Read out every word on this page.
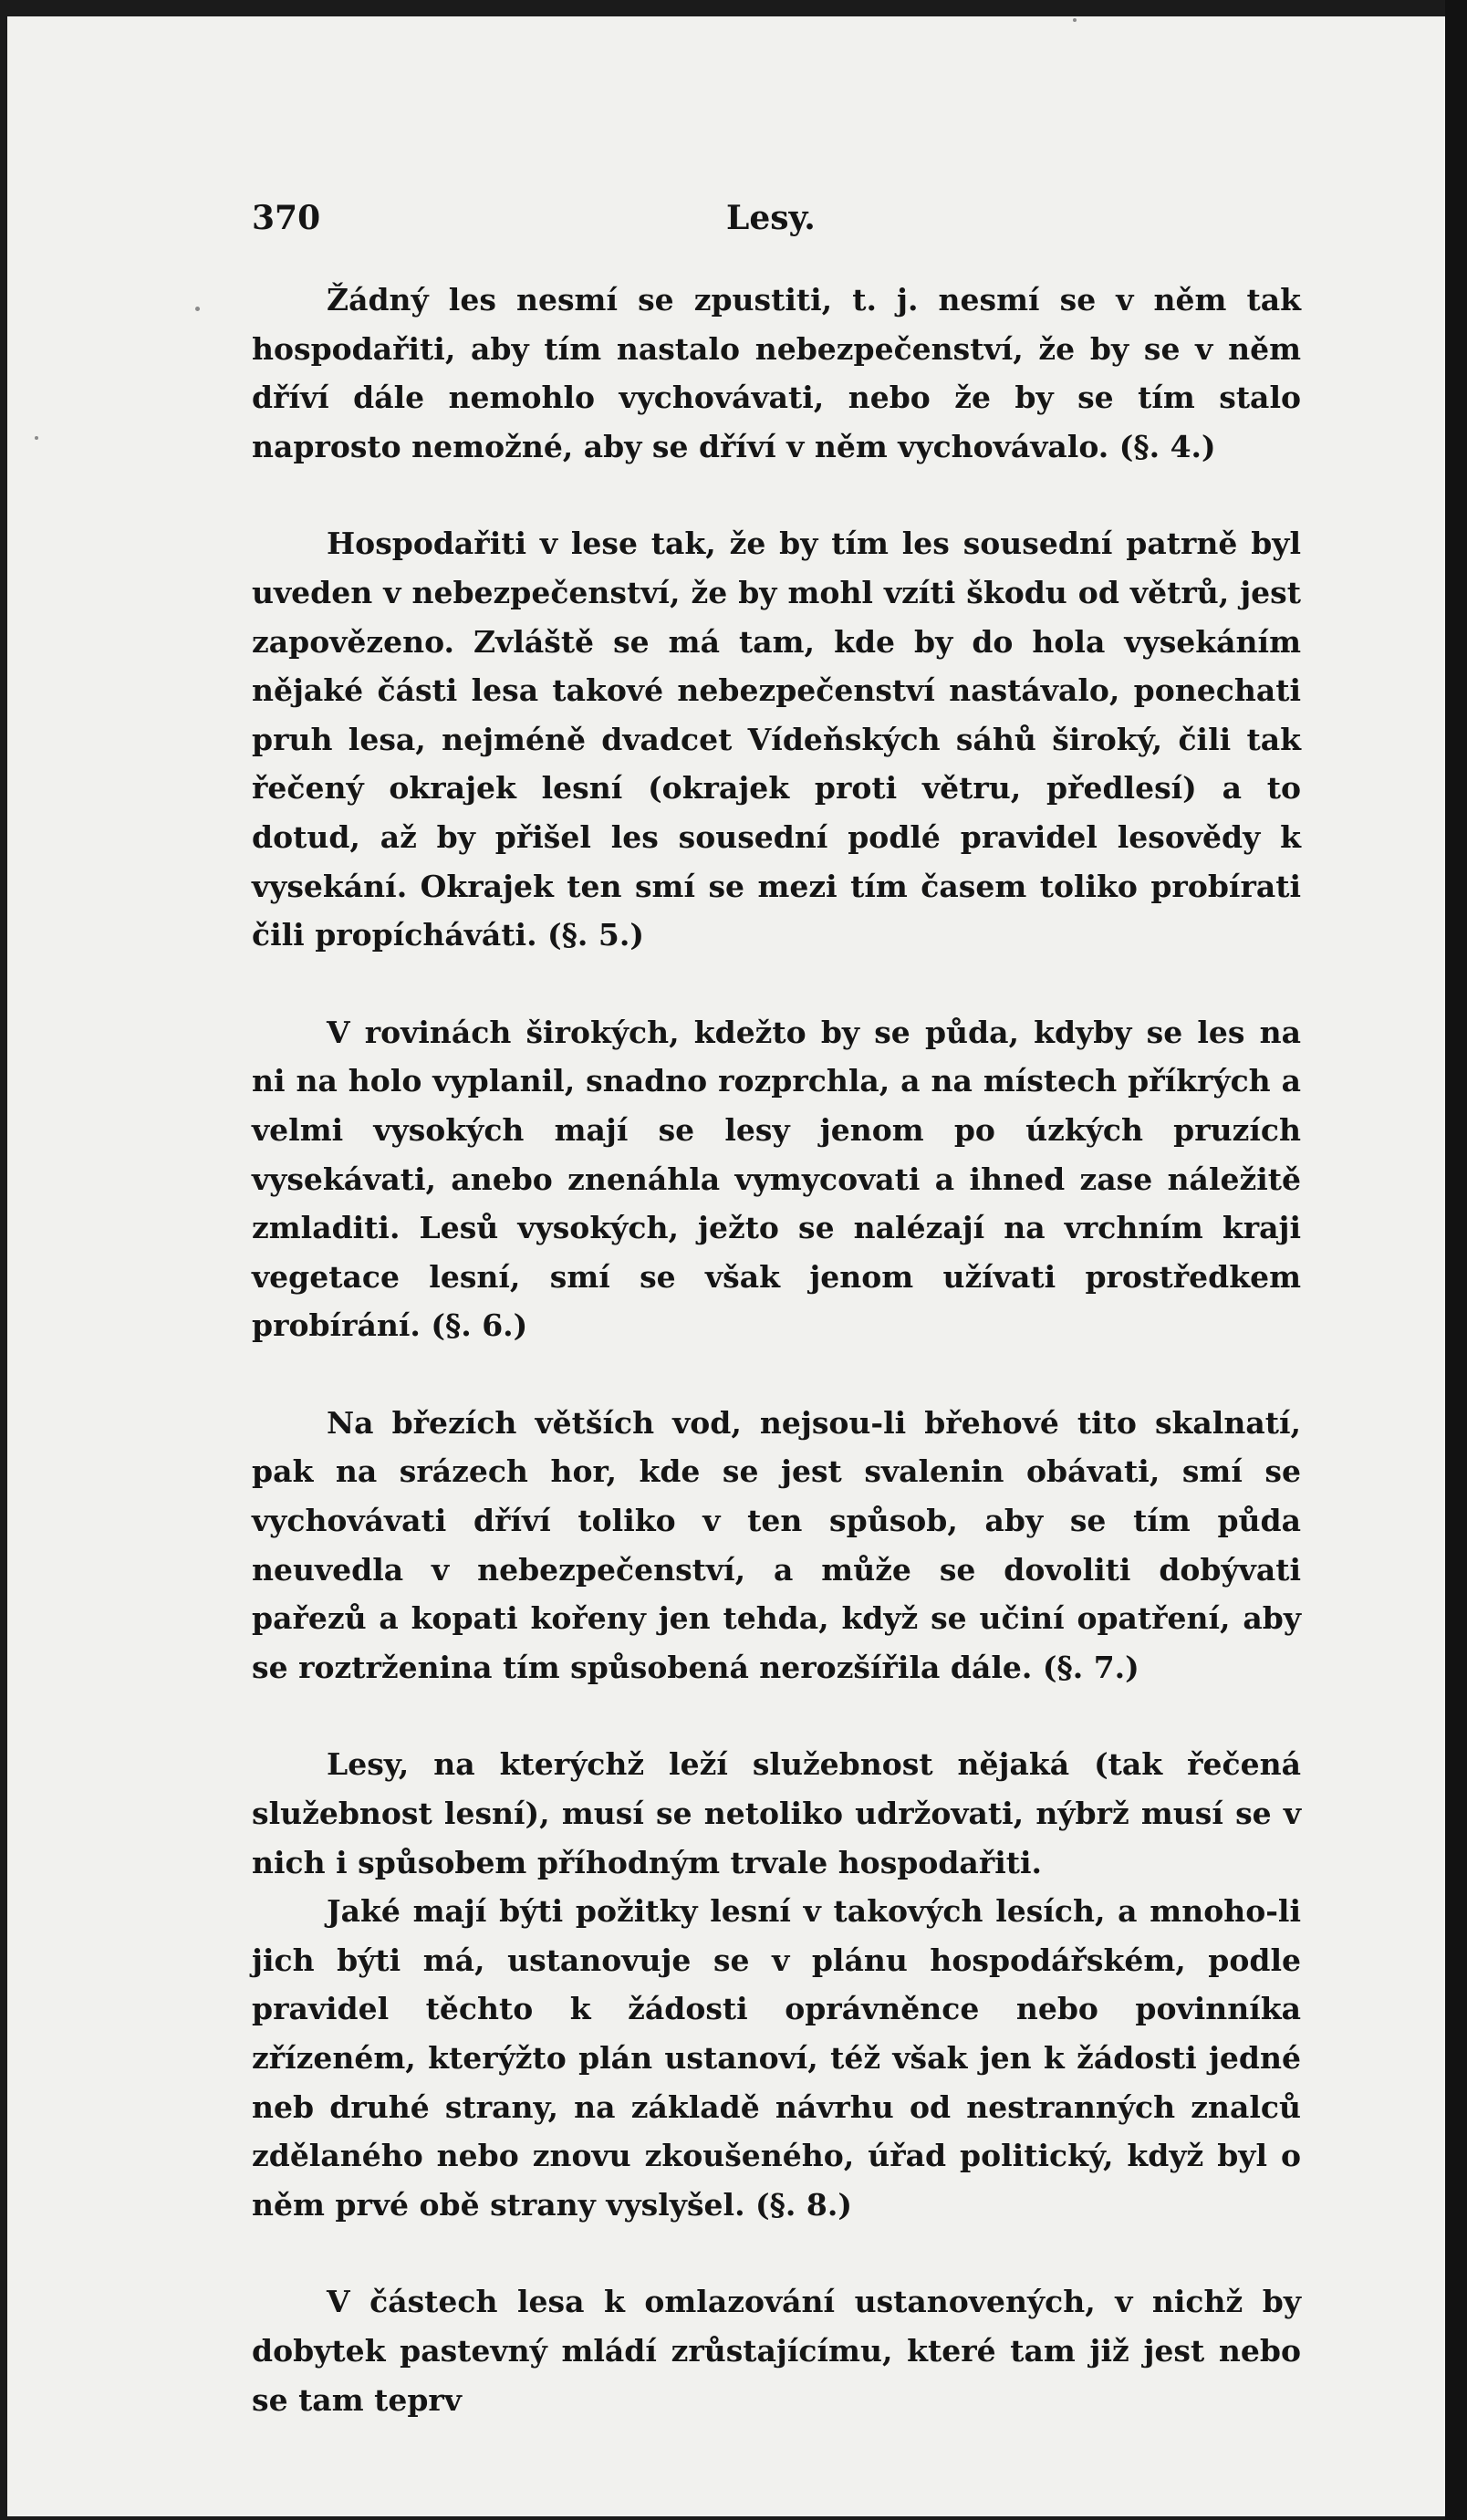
370	Lesy.

Žádný les nesmí se zpustiti, t. j. nesmí se v něm tak hospodařiti, aby tím nastalo nebezpečenství, že by se v něm dříví dále nemohlo vychovávati, nebo že by se tím stalo naprosto nemožné, aby se dříví v něm vychovávalo. (§. 4.)

Hospodařiti v lese tak, že by tím les sousední patrně byl uveden v nebezpečenství, že by mohl vzíti škodu od větrů, jest zapovězeno. Zvláště se má tam, kde by do hola vysekáním nějaké části lesa takové nebezpečenství nastávalo, ponechati pruh lesa, nejméně dvadcet Vídeňských sáhů široký, čili tak řečený okrajek lesní (okrajek proti větru, předlesí) a to dotud, až by přišel les sousední podlé pravidel lesovědy k vysekání. Okrajek ten smí se mezi tím časem toliko probírati čili propícháváti. (§. 5.)

V rovinách širokých, kdežto by se půda, kdyby se les na ni na holo vyplanil, snadno rozprchla, a na místech příkrých a velmi vysokých mají se lesy jenom po úzkých pruzích vysekávati, anebo znenáhla vymycovati a ihned zase náležitě zmladiti. Lesů vysokých, ježto se nalézají na vrchním kraji vegetace lesní, smí se však jenom užívati prostředkem probírání. (§. 6.)

Na březích větších vod, nejsou-li břehové tito skalnatí, pak na srázech hor, kde se jest svalenin obávati, smí se vychovávati dříví toliko v ten spůsob, aby se tím půda neuvedla v nebezpečenství, a může se dovoliti dobývati pařezů a kopati kořeny jen tehda, když se učiní opatření, aby se roztrženina tím spůsobená nerozšířila dále. (§. 7.)

Lesy, na kterýchž leží služebnost nějaká (tak řečená služebnost lesní), musí se netoliko udržovati, nýbrž musí se v nich i spůsobem příhodným trvale hospodařiti.

Jaké mají býti požitky lesní v takových lesích, a mnoho-li jich býti má, ustanovuje se v plánu hospodářském, podle pravidel těchto k žádosti oprávněnce nebo povinníka zřízeném, kterýžto plán ustanoví, též však jen k žádosti jedné neb druhé strany, na základě návrhu od nestranných znalců zdělaného nebo znovu zkoušeného, úřad politický, když byl o něm prvé obě strany vyslyšel. (§. 8.)

V částech lesa k omlazování ustanovených, v nichž by dobytek pastevný mládí zrůstajícímu, které tam již jest nebo se tam teprv
